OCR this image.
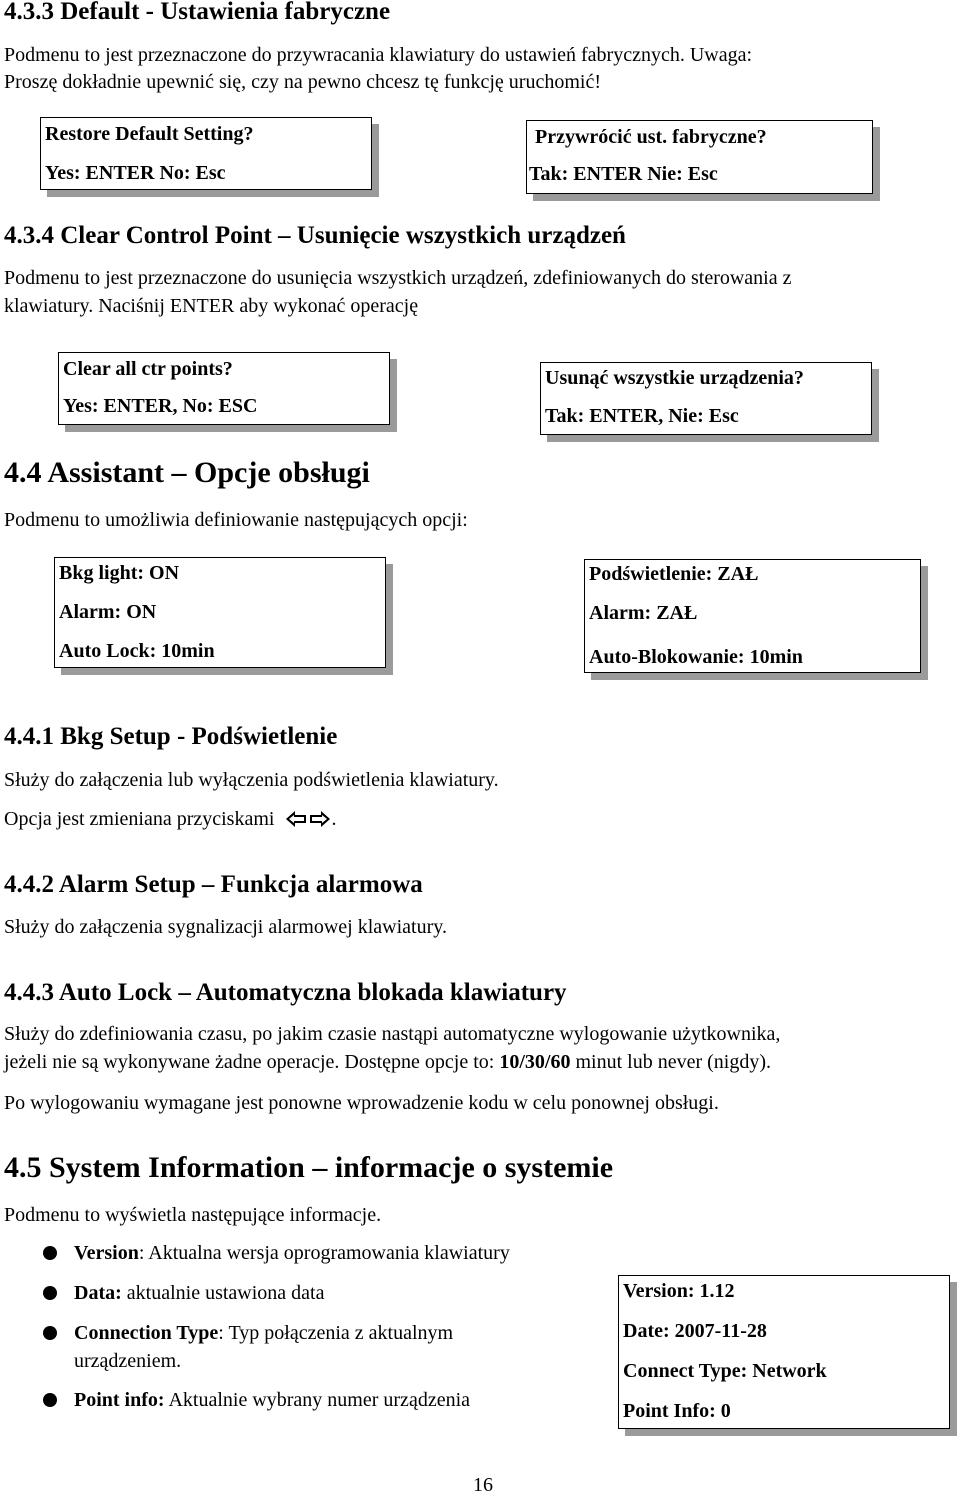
4.3.3 Default - Ustawienia fabryczne
Podmenu to jest przeznaczone do przywracania klawiatury do ustawień fabrycznych. Uwaga:
Proszę dokładnie upewnić się, czy na pewno chcesz tę funkcję uruchomić!
Restore Default Setting?
Yes: ENTER No: Esc
Przywrócić ust. fabryczne?
Tak: ENTER Nie: Esc
4.3.4 Clear Control Point – Usunięcie wszystkich urządzeń
Podmenu to jest przeznaczone do usunięcia wszystkich urządzeń, zdefiniowanych do sterowania z
klawiatury. Naciśnij ENTER aby wykonać operację
Clear all ctr points?
Yes: ENTER, No: ESC
Usunąć wszystkie urządzenia?
Tak: ENTER, Nie: Esc
4.4 Assistant – Opcje obsługi
Podmenu to umożliwia definiowanie następujących opcji:
Bkg light: ON
Alarm: ON
Auto Lock: 10min
Podświetlenie: ZAŁ
Alarm: ZAŁ
Auto-Blokowanie: 10min
4.4.1 Bkg Setup - Podświetlenie
Służy do załączenia lub wyłączenia podświetlenia klawiatury.
Opcja jest zmieniana przyciskami	.
4.4.2 Alarm Setup – Funkcja alarmowa
Służy do załączenia sygnalizacji alarmowej klawiatury.
4.4.3 Auto Lock – Automatyczna blokada klawiatury
Służy do zdefiniowania czasu, po jakim czasie nastąpi automatyczne wylogowanie użytkownika,
jeżeli nie są wykonywane żadne operacje. Dostępne opcje to: 10/30/60 minut lub never (nigdy).
Po wylogowaniu wymagane jest ponowne wprowadzenie kodu w celu ponownej obsługi.
4.5 System Information – informacje o systemie
Podmenu to wyświetla następujące informacje.
Version: Aktualna wersja oprogramowania klawiatury
Data: aktualnie ustawiona data
Connection Type: Typ połączenia z aktualnym
urządzeniem.
Point info: Aktualnie wybrany numer urządzenia
Version: 1.12
Date: 2007-11-28
Connect Type: Network
Point Info: 0
16
